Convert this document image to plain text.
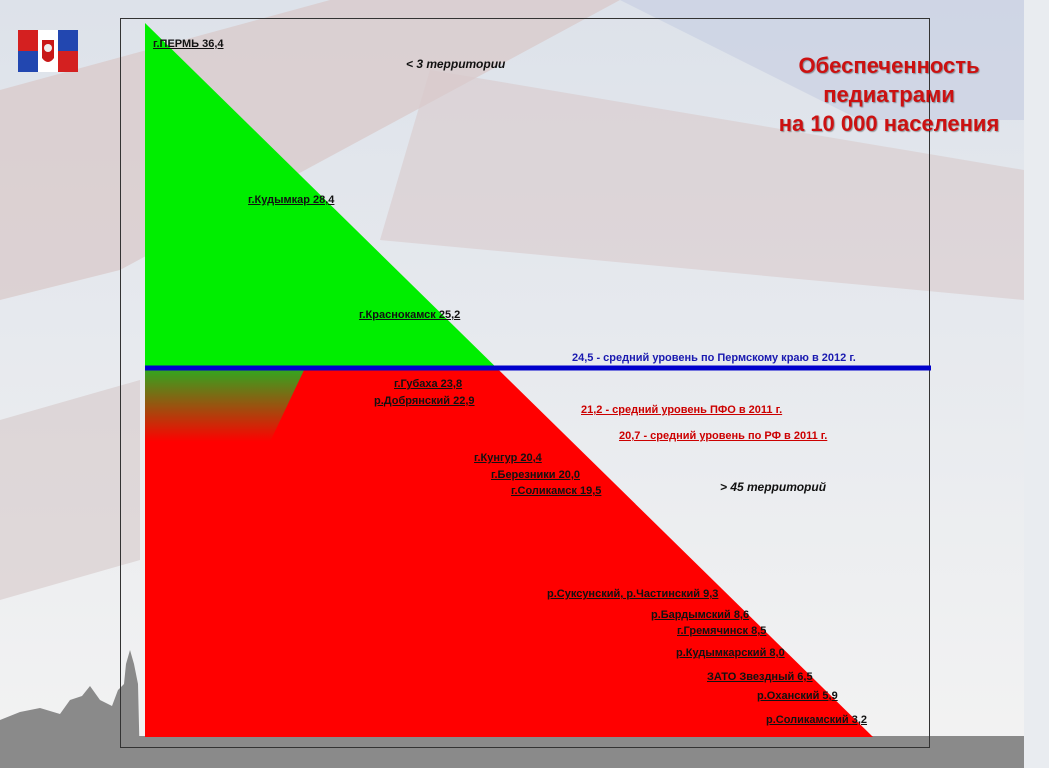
Обеспеченность
педиатрами
на 10 000 населения
< 3 территории
> 45 территорий
24,5 - средний уровень по Пермскому краю в 2012 г.
21,2 - средний уровень ПФО в 2011 г.
20,7 - средний уровень по РФ в 2011 г.
г.ПЕРМЬ 36,4
г.Кудымкар 28,4
г.Краснокамск 25,2
г.Губаха 23,8
р.Добрянский 22,9
г.Кунгур 20,4
г.Березники 20,0
г.Соликамск 19,5
р.Суксунский, р.Частинский 9,3
р.Бардымский 8,6
г.Гремячинск 8,5
р.Кудымкарский 8,0
ЗАТО Звездный 6,5
р.Оханский 5,9
р.Соликамский 3,2
